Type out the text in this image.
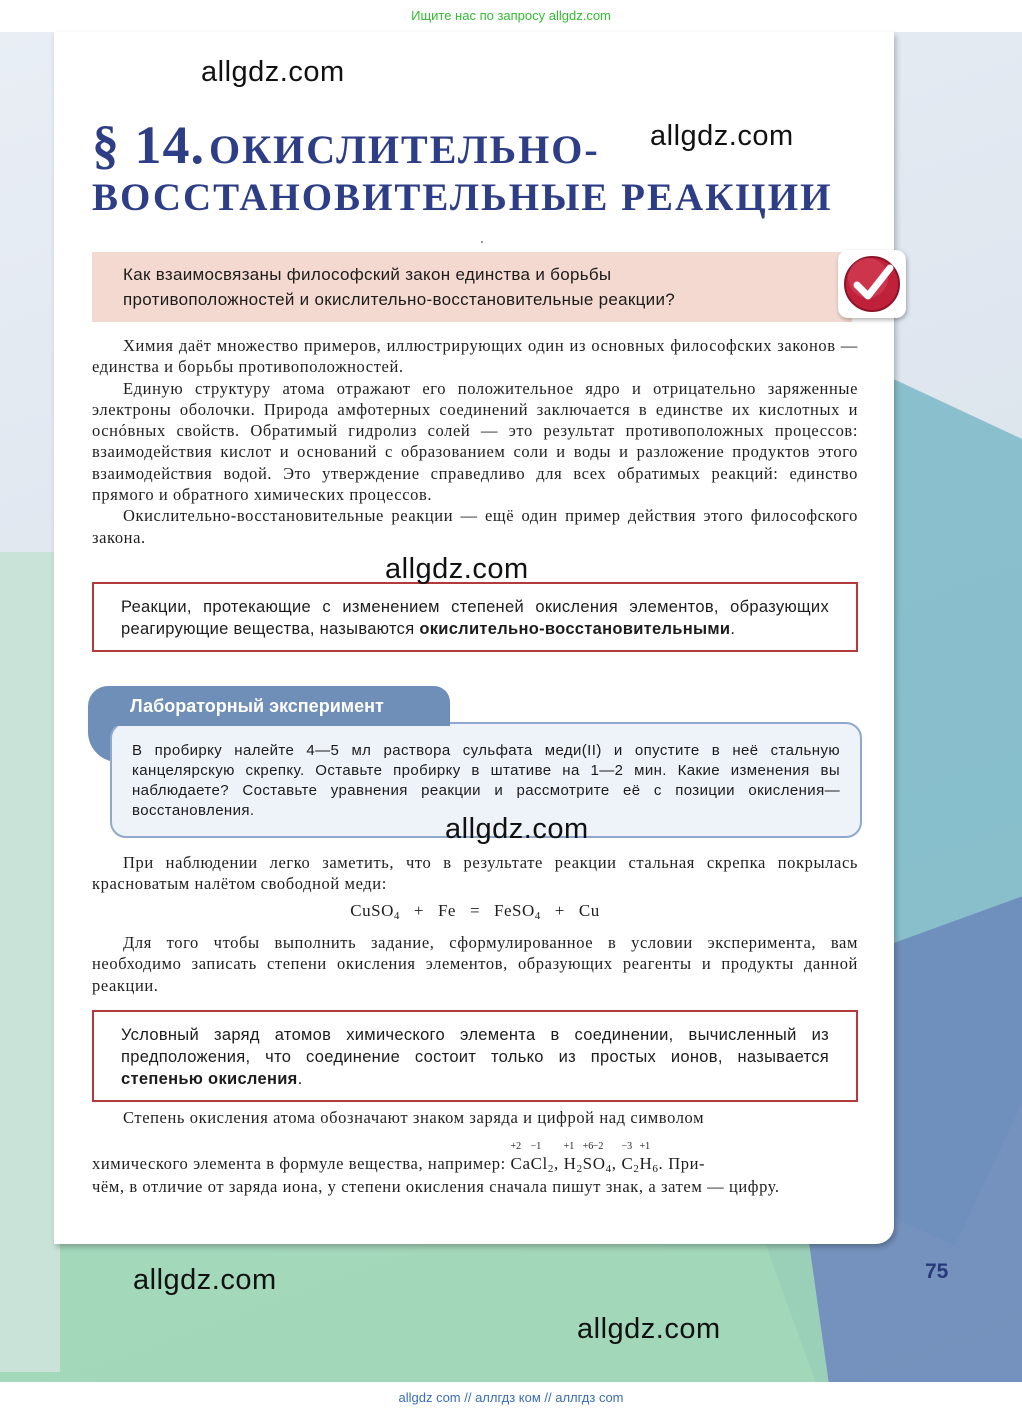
Ищите нас по запросу allgdz.com
§ 14. ОКИСЛИТЕЛЬНО-
ВОССТАНОВИТЕЛЬНЫЕ РЕАКЦИИ
Как взаимосвязаны философский закон единства и борьбы противоположностей и окислительно-восстановительные реакции?

Химия даёт множество примеров, иллюстрирующих один из основных философских законов — единства и борьбы противоположностей.
Единую структуру атома отражают его положительное ядро и отрицательно заряженные электроны оболочки. Природа амфотерных соединений заключается в единстве их кислотных и оснóвных свойств. Обратимый гидролиз солей — это результат противоположных процессов: взаимодействия кислот и оснований с образованием соли и воды и разложение продуктов этого взаимодействия водой. Это утверждение справедливо для всех обратимых реакций: единство прямого и обратного химических процессов.
Окислительно-восстановительные реакции — ещё один пример действия этого философского закона.

Реакции, протекающие с изменением степеней окисления элементов, образующих реагирующие вещества, называются окислительно-восстановительными.
В пробирку налейте 4—5 мл раствора сульфата меди(II) и опустите в неё стальную канцелярскую скрепку. Оставьте пробирку в штативе на 1—2 мин. Какие изменения вы наблюдаете? Составьте уравнения реакции и рассмотрите её с позиции окисления—восстановления.
Лабораторный эксперимент

При наблюдении легко заметить, что в результате реакции стальная скрепка покрылась красноватым налётом свободной меди:

CuSO$_4$ + Fe = FeSO$_4$ + Cu

Для того чтобы выполнить задание, сформулированное в условии эксперимента, вам необходимо записать степени окисления элементов, образующих реагенты и продукты данной реакции.

Условный заряд атомов химического элемента в соединении, вычисленный из предположения, что соединение состоит только из простых ионов, называется степенью окисления.

Степень окисления атома обозначают знаком заряда и цифрой над символом

химического элемента в формуле вещества, например:
+2
Ca
−1
$Cl_2$,
+1
$H_2$
+6
S
−2
$O_4$,
−3
$C_2$
+1
$H_6$. При-
чём, в отличие от заряда иона, у степени окисления сначала пишут знак, а затем — цифру.

allgdz.com
allgdz.com
allgdz.com
allgdz.com
allgdz.com
allgdz.com
75
allgdz com // аллгдз ком // аллгдз com
